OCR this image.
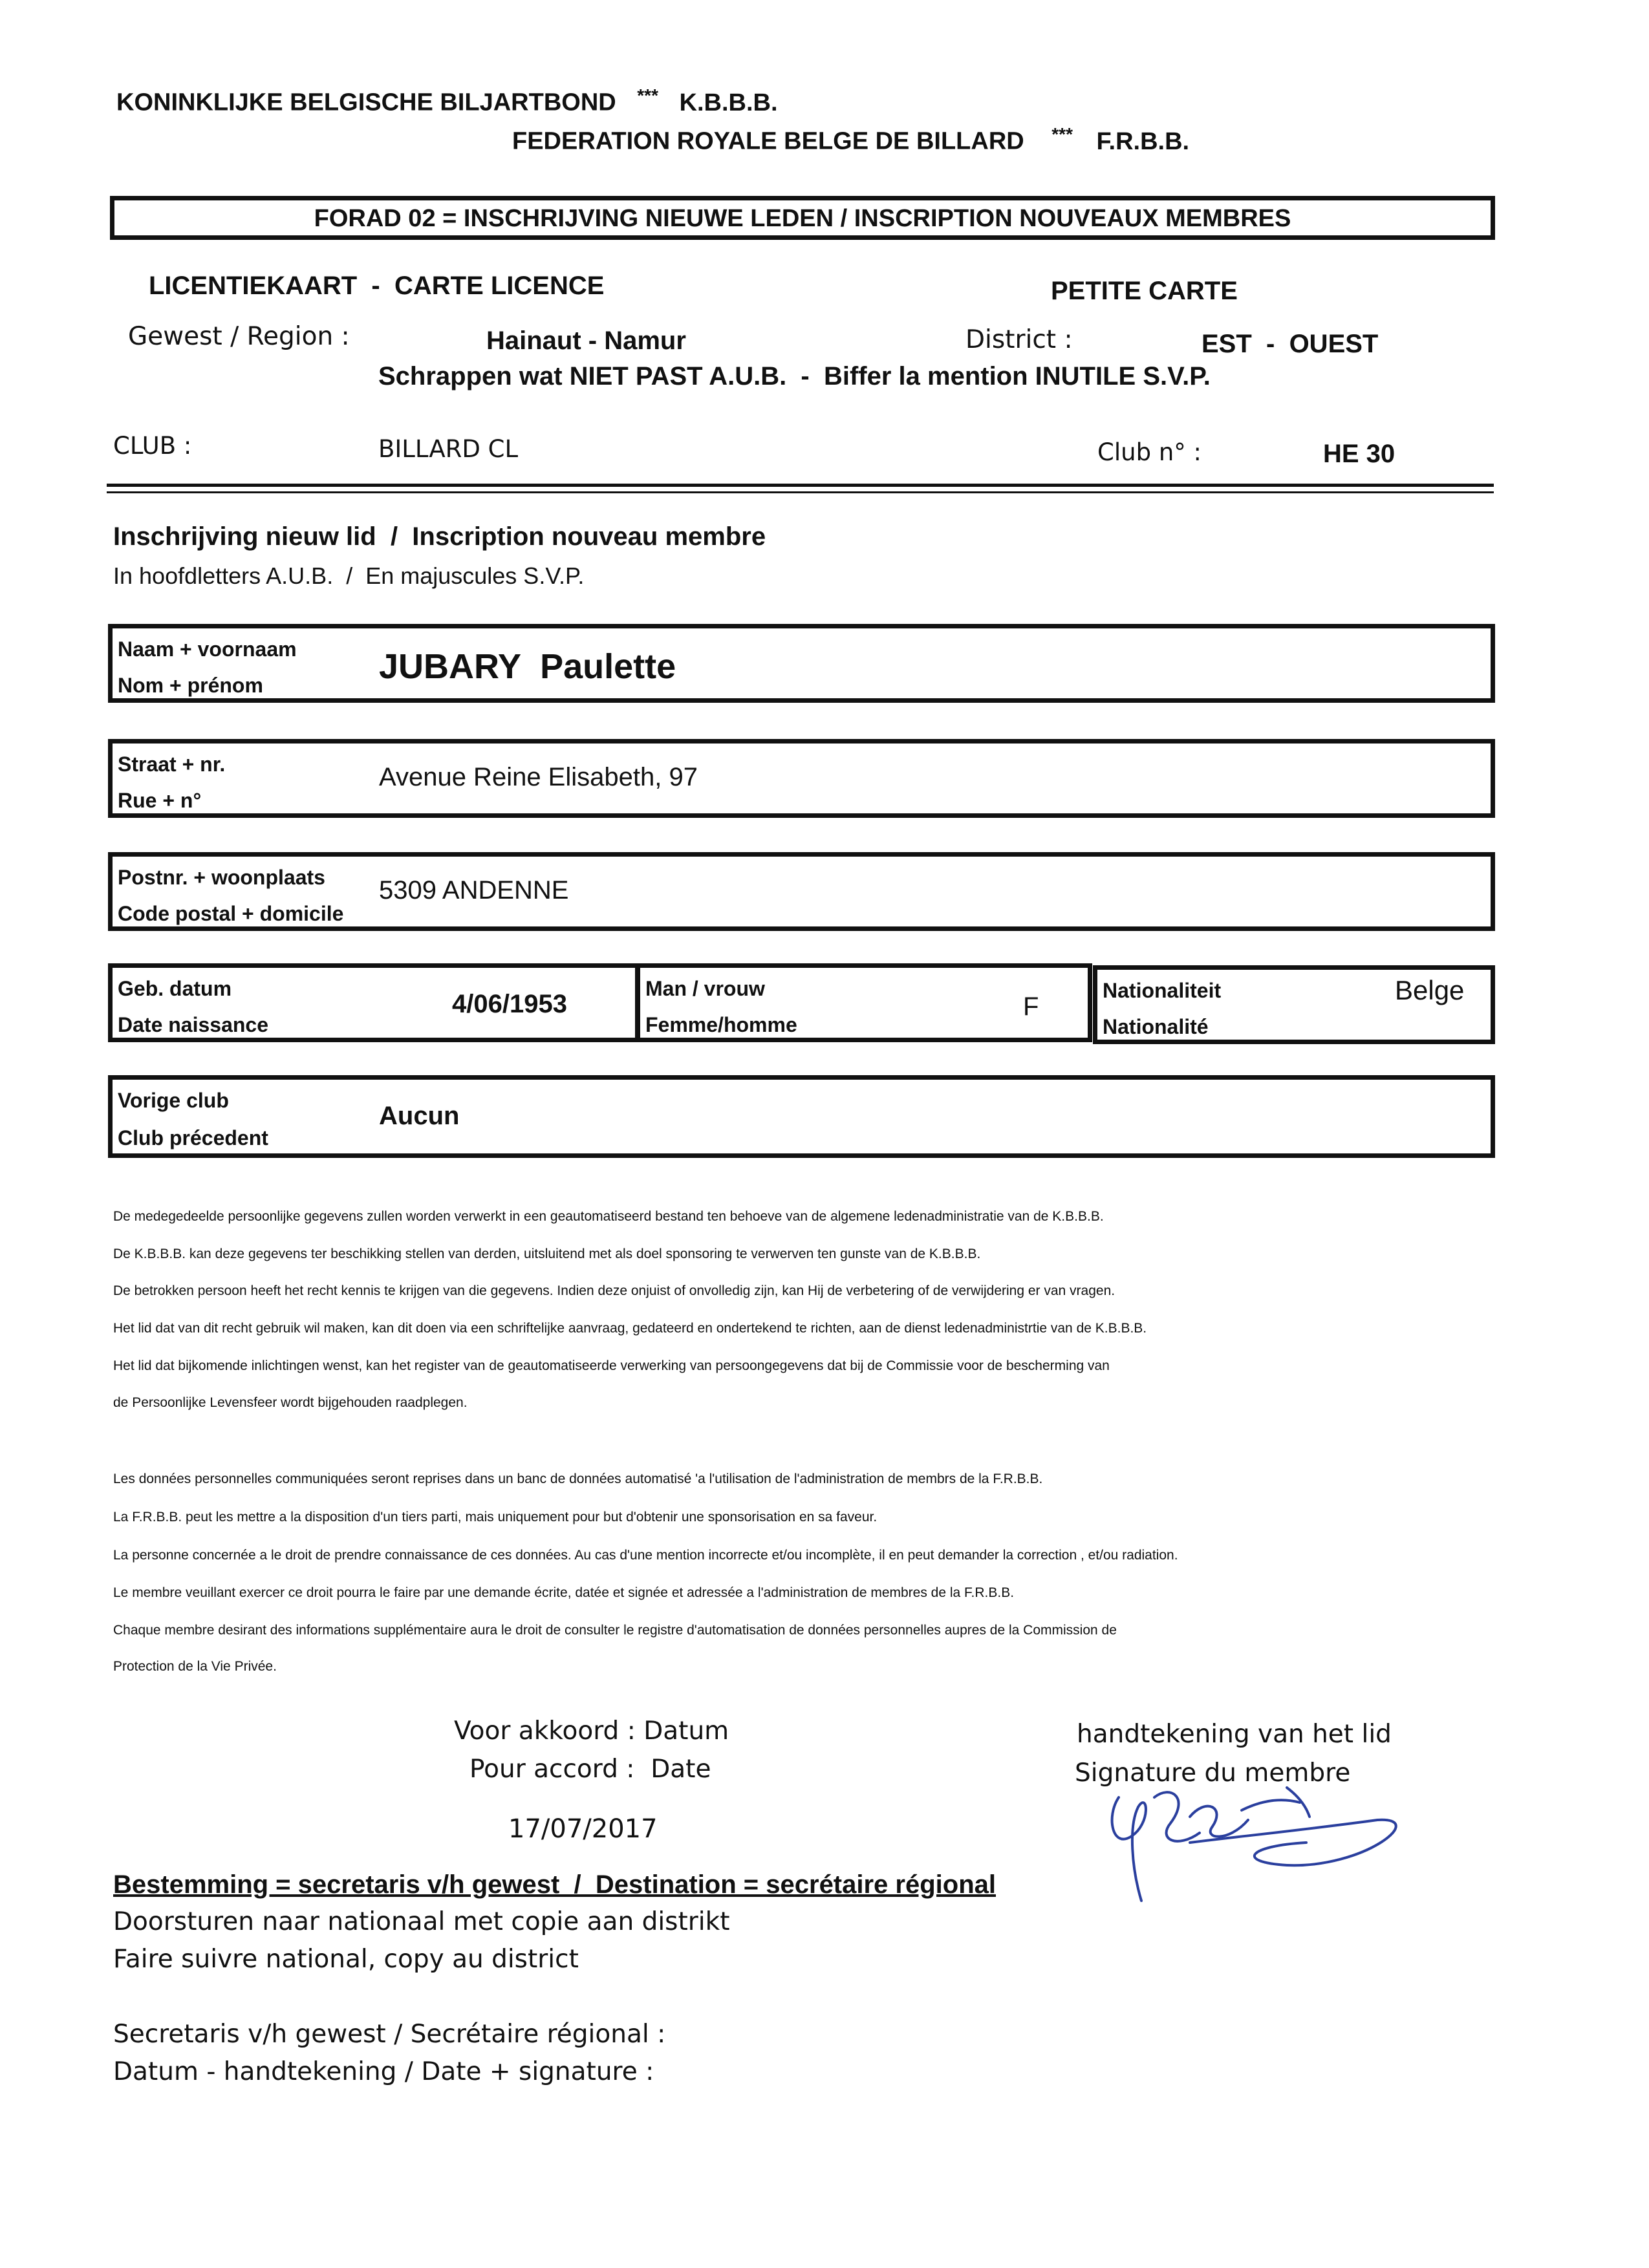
KONINKLIJKE BELGISCHE BILJARTBOND *** K.B.B.B.
FEDERATION ROYALE BELGE DE BILLARD *** F.R.B.B.
FORAD 02 = INSCHRIJVING NIEUWE LEDEN / INSCRIPTION NOUVEAUX MEMBRES
LICENTIEKAART  -  CARTE LICENCE	PETITE CARTE
Gewest / Region :	Hainaut - Namur	District :	EST  -  OUEST
Schrappen wat NIET PAST A.U.B.  -  Biffer la mention INUTILE S.V.P.
CLUB :	BILLARD CL	Club n° :	HE 30
Inschrijving nieuw lid  /  Inscription nouveau membre
In hoofdletters A.U.B.  /  En majuscules S.V.P.
Naam + voornaam
Nom + prénom	JUBARY  Paulette
Straat + nr.
Rue + n°
Avenue Reine Elisabeth, 97
Postnr. + woonplaats
Code postal + domicile
5309 ANDENNE
Geb. datum
Date naissance
4/06/1953
Man / vrouw
Femme/homme
F
Nationaliteit
Nationalité
Belge
Vorige club
Club précedent
Aucun
De medegedeelde persoonlijke gegevens zullen worden verwerkt in een geautomatiseerd bestand ten behoeve van de algemene ledenadministratie van de K.B.B.B.
De K.B.B.B. kan deze gegevens ter beschikking stellen van derden, uitsluitend met als doel sponsoring te verwerven ten gunste van de K.B.B.B.
De betrokken persoon heeft het recht kennis te krijgen van die gegevens. Indien deze onjuist of onvolledig zijn, kan Hij de verbetering of de verwijdering er van vragen.
Het lid dat van dit recht gebruik wil maken, kan dit doen via een schriftelijke aanvraag, gedateerd en ondertekend te richten, aan de dienst ledenadministrtie van de K.B.B.B.
Het lid dat bijkomende inlichtingen wenst, kan het register van de geautomatiseerde verwerking van persoongegevens dat bij de Commissie voor de bescherming van
de Persoonlijke Levensfeer wordt bijgehouden raadplegen.
Les données personnelles communiquées seront reprises dans un banc de données automatisé 'a l'utilisation de l'administration de membrs de la F.R.B.B.
La F.R.B.B. peut les mettre a la disposition d'un tiers parti, mais uniquement pour but d'obtenir une sponsorisation en sa faveur.
La personne concernée a le droit de prendre connaissance de ces données. Au cas d'une mention incorrecte et/ou incomplète, il en peut demander la correction , et/ou radiation.
Le membre veuillant exercer ce droit pourra le faire par une demande écrite, datée et signée et adressée a l'administration de membres de la F.R.B.B.
Chaque membre desirant des informations supplémentaire aura le droit de consulter le registre d'automatisation de données personnelles aupres de la Commission de
Protection de la Vie Privée.
Voor akkoord : Datum
Pour accord :  Date
17/07/2017
handtekening van het lid
Signature du membre
Bestemming = secretaris v/h gewest  /  Destination = secrétaire régional
Doorsturen naar nationaal met copie aan distrikt
Faire suivre national, copy au district
Secretaris v/h gewest / Secrétaire régional :
Datum - handtekening / Date + signature :
